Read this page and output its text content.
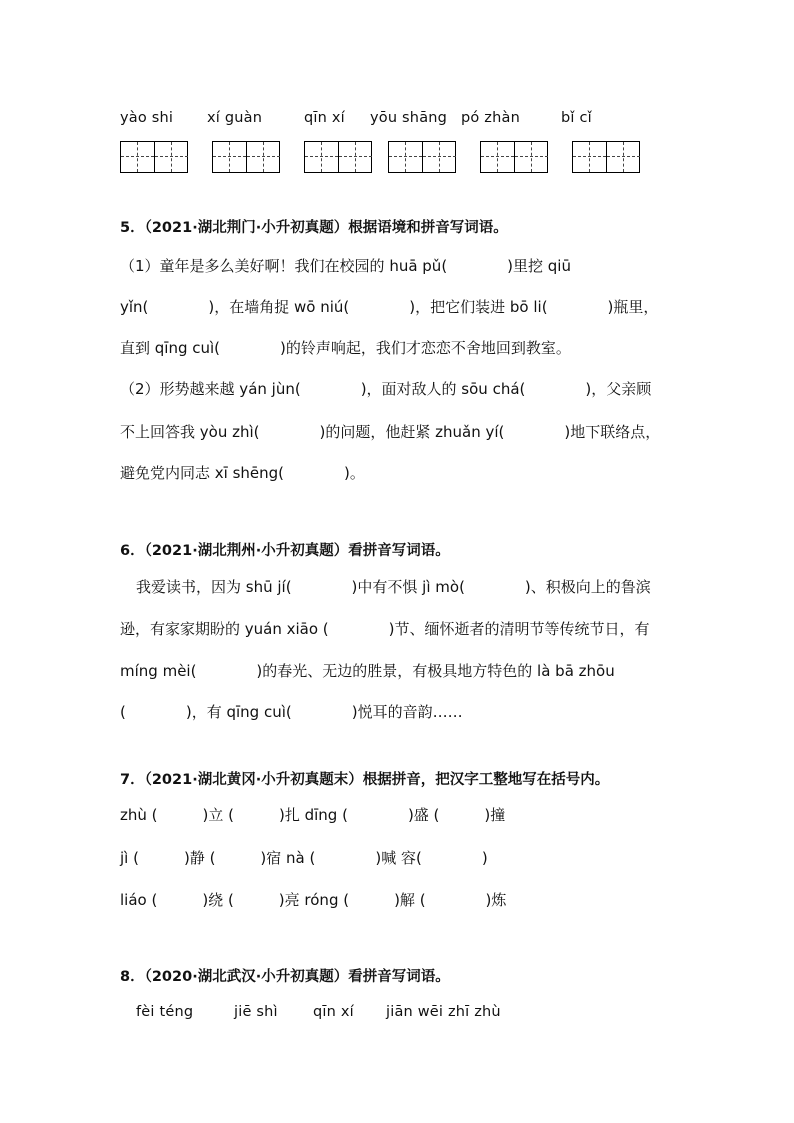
yào shi xí guàn	qīn xí yōu shāng pó zhàn	bǐ cǐ
5．（2021·湖北荆门·小升初真题）根据语境和拼音写词语。
（1）童年是多么美好啊！我们在校园的 huā pǔ(　　　　)里挖 qiū
yǐn(　　　　)，在墙角捉 wō niú(　　　　)，把它们装进 bō li(　　　　)瓶里，
直到 qīng cuì(　　　　)的铃声响起，我们才恋恋不舍地回到教室。
（2）形势越来越 yán jùn(　　　　)，面对敌人的 sōu chá(　　　　)，父亲顾
不上回答我 yòu zhì(　　　　)的问题，他赶紧 zhuǎn yí(　　　　)地下联络点，
避免党内同志 xī shēng(　　　　)。
6．（2021·湖北荆州·小升初真题）看拼音写词语。
我爱读书，因为 shū jí(　　　　)中有不惧 jì mò(　　　　)、积极向上的鲁滨
逊，有家家期盼的 yuán xiāo (　　　　)节、缅怀逝者的清明节等传统节日，有
míng mèi(　　　　)的春光、无边的胜景，有极具地方特色的 là bā zhōu
(　　　　)，有 qīng cuì(　　　　)悦耳的音韵……
7．（2021·湖北黄冈·小升初真题末）根据拼音，把汉字工整地写在括号内。
zhù (　　　)立 (　　　)扎 dīng (　　　　)盛 (　　　)撞
jì (　　　)静 (　　　)宿 nà (　　　　)喊 容(　　　　)
liáo (　　　)绕 (　　　)亮 róng (　　　)解 (　　　　)炼
8．（2020·湖北武汉·小升初真题）看拼音写词语。
fèi téng	jiē shì qīn xí jiān wēi zhī zhù
